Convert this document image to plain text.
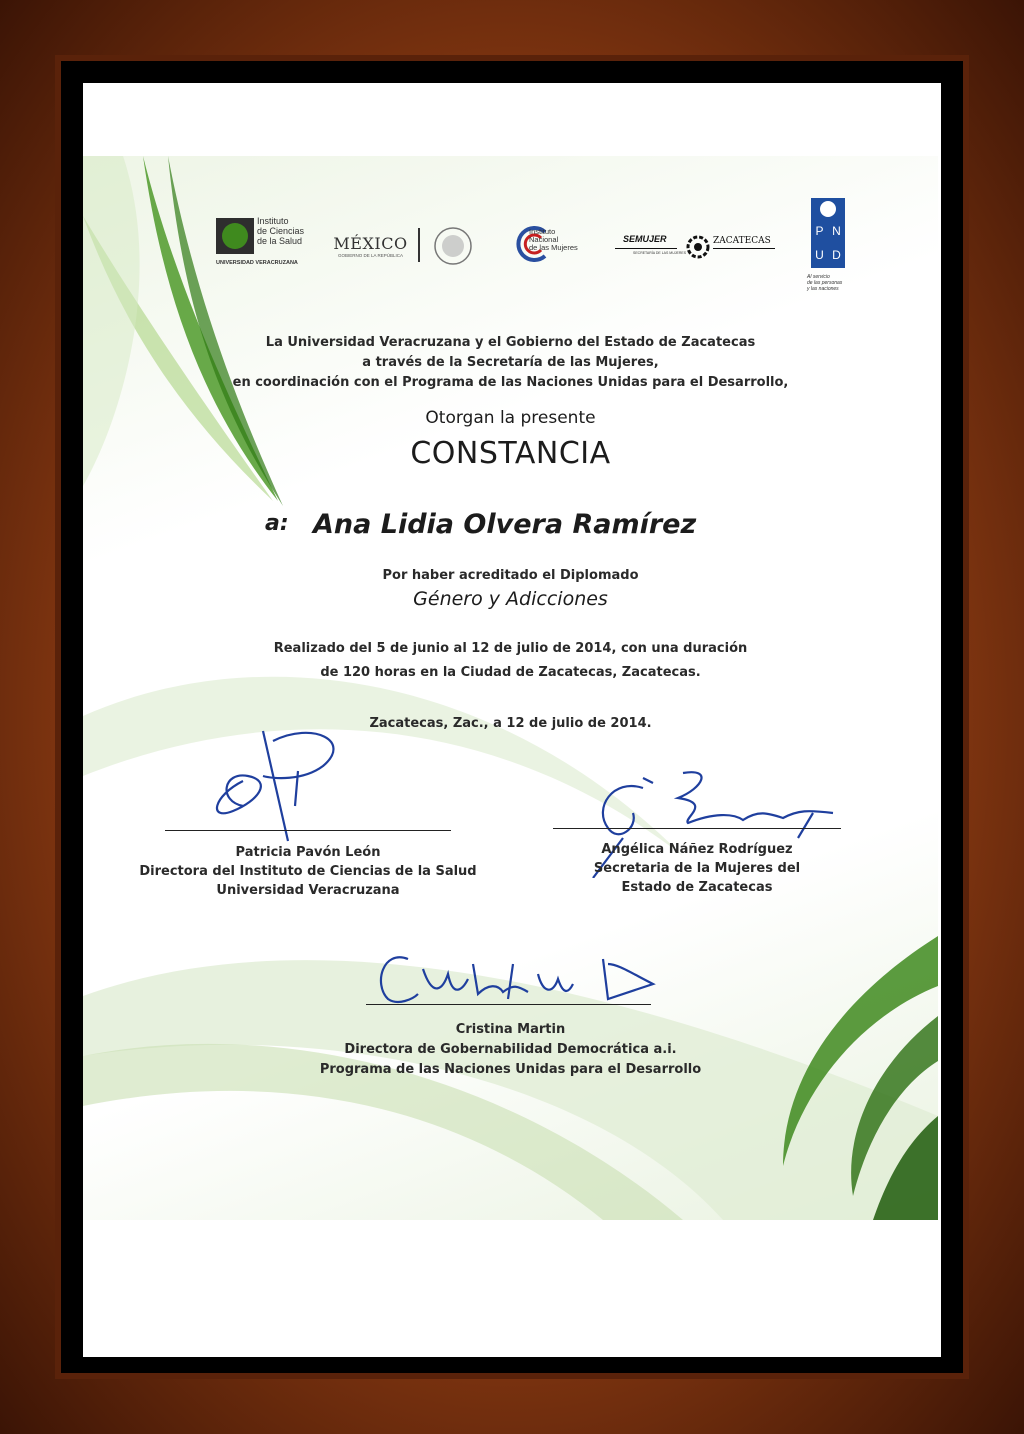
Instituto
de Ciencias
de la Salud
UNIVERSIDAD VERACRUZANA
MÉXICO
GOBIERNO DE LA REPÚBLICA
Instituto
Nacional
de las Mujeres
SEMUJER
SECRETARÍA DE LAS MUJERES
ZACATECAS
P N
U D
Al servicio
de las personas
y las naciones
La Universidad Veracruzana y el Gobierno del Estado de Zacatecas
a través de la Secretaría de las Mujeres,
en coordinación con el Programa de las Naciones Unidas para el Desarrollo,
Otorgan la presente
CONSTANCIA
a: Ana Lidia Olvera Ramírez
Por haber acreditado el Diplomado
Género y Adicciones
Realizado del 5 de junio al 12 de julio de 2014, con una duración
de 120 horas en la Ciudad de Zacatecas, Zacatecas.
Zacatecas, Zac., a 12 de julio de 2014.
Patricia Pavón León
Directora del Instituto de Ciencias de la Salud
Universidad Veracruzana
Angélica Náñez Rodríguez
Secretaria de la Mujeres del
Estado de Zacatecas
Cristina Martin
Directora de Gobernabilidad Democrática a.i.
Programa de las Naciones Unidas para el Desarrollo
